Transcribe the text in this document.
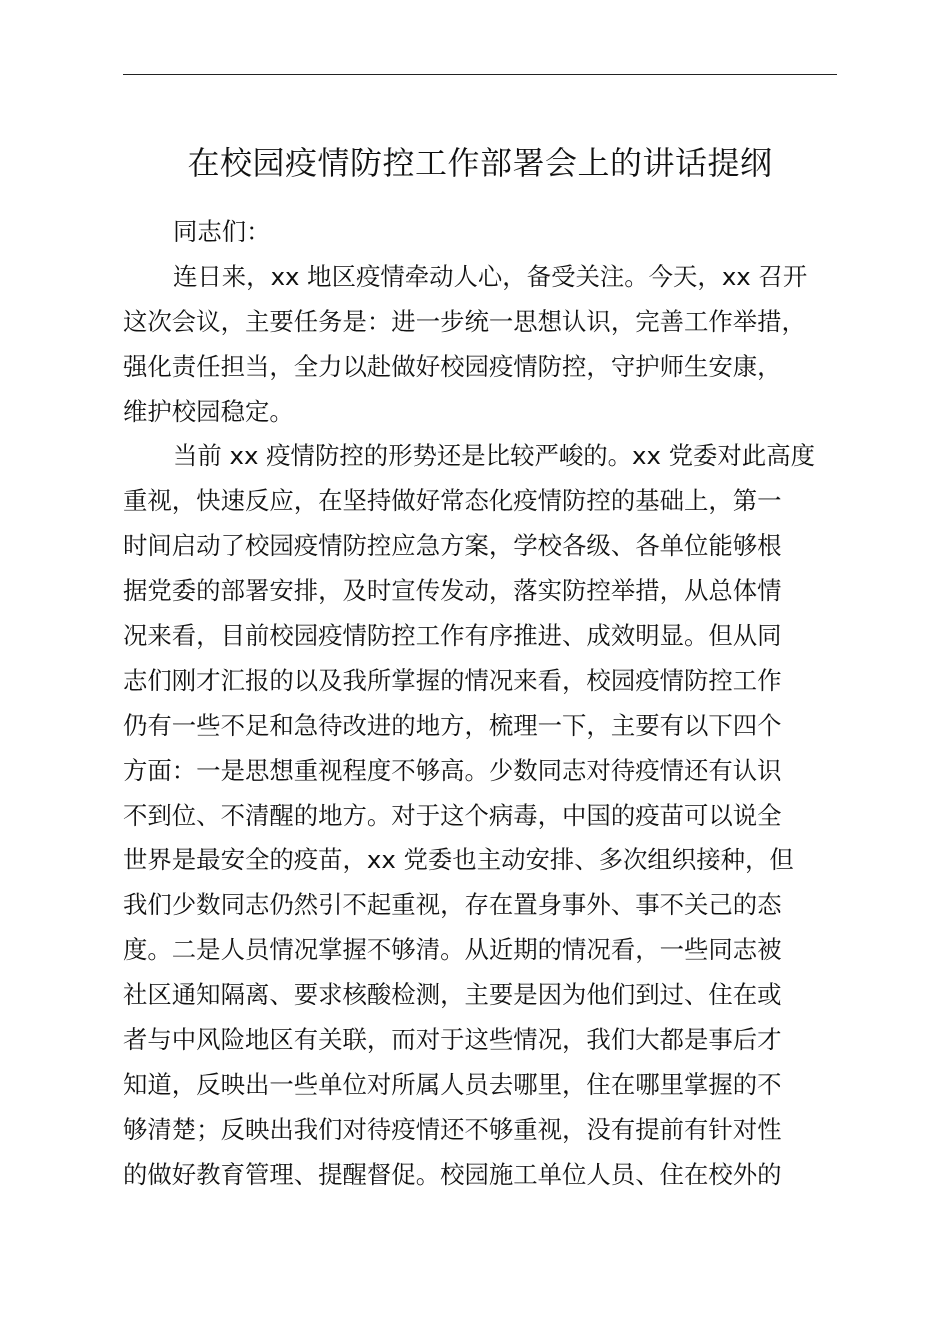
在校园疫情防控工作部署会上的讲话提纲
同志们：
连日来，xx 地区疫情牵动人心，备受关注。今天，xx 召开
这次会议，主要任务是：进一步统一思想认识，完善工作举措，
强化责任担当，全力以赴做好校园疫情防控，守护师生安康，
维护校园稳定。
当前 xx 疫情防控的形势还是比较严峻的。xx 党委对此高度
重视，快速反应，在坚持做好常态化疫情防控的基础上，第一
时间启动了校园疫情防控应急方案，学校各级、各单位能够根
据党委的部署安排，及时宣传发动，落实防控举措，从总体情
况来看，目前校园疫情防控工作有序推进、成效明显。但从同
志们刚才汇报的以及我所掌握的情况来看，校园疫情防控工作
仍有一些不足和急待改进的地方，梳理一下，主要有以下四个
方面：一是思想重视程度不够高。少数同志对待疫情还有认识
不到位、不清醒的地方。对于这个病毒，中国的疫苗可以说全
世界是最安全的疫苗，xx 党委也主动安排、多次组织接种，但
我们少数同志仍然引不起重视，存在置身事外、事不关己的态
度。二是人员情况掌握不够清。从近期的情况看，一些同志被
社区通知隔离、要求核酸检测，主要是因为他们到过、住在或
者与中风险地区有关联，而对于这些情况，我们大都是事后才
知道，反映出一些单位对所属人员去哪里，住在哪里掌握的不
够清楚；反映出我们对待疫情还不够重视，没有提前有针对性
的做好教育管理、提醒督促。校园施工单位人员、住在校外的
